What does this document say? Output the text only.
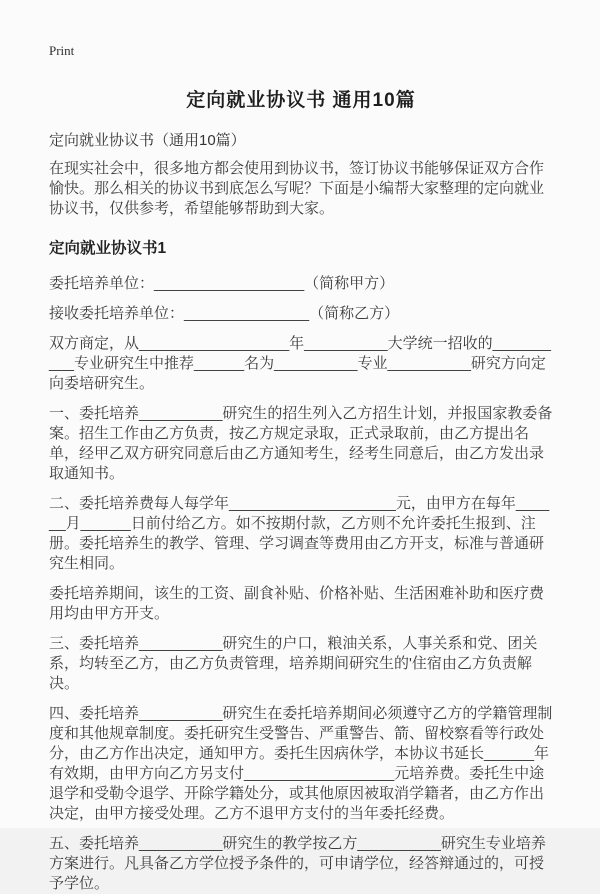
Print
定向就业协议书 通用10篇
定向就业协议书（通用10篇）

在现实社会中，很多地方都会使用到协议书，签订协议书能够保证双方合作愉快。那么相关的协议书到底怎么写呢？下面是小编帮大家整理的定向就业协议书，仅供参考，希望能够帮助到大家。

定向就业协议书1

委托培养单位：__________________（简称甲方）

接收委托培养单位：_______________（简称乙方）

双方商定，从__________________年__________大学统一招收的__________专业研究生中推荐______名为__________专业__________研究方向定向委培研究生。

一、委托培养__________研究生的招生列入乙方招生计划，并报国家教委备案。招生工作由乙方负责，按乙方规定录取，正式录取前，由乙方提出名单，经甲乙双方研究同意后由乙方通知考生，经考生同意后，由乙方发出录取通知书。

二、委托培养费每人每学年____________________元，由甲方在每年______月______日前付给乙方。如不按期付款，乙方则不允许委托生报到、注册。委托培养生的教学、管理、学习调查等费用由乙方开支，标准与普通研究生相同。

委托培养期间，该生的工资、副食补贴、价格补贴、生活困难补助和医疗费用均由甲方开支。

三、委托培养__________研究生的户口，粮油关系，人事关系和党、团关系，均转至乙方，由乙方负责管理，培养期间研究生的'住宿由乙方负责解决。

四、委托培养__________研究生在委托培养期间必须遵守乙方的学籍管理制度和其他规章制度。委托研究生受警告、严重警告、箭、留校察看等行政处分，由乙方作出决定，通知甲方。委托生因病休学，本协议书延长______年有效期，由甲方向乙方另支付__________________元培养费。委托生中途退学和受勒令退学、开除学籍处分，或其他原因被取消学籍者，由乙方作出决定，由甲方接受处理。乙方不退甲方支付的当年委托经费。

五、委托培养__________研究生的教学按乙方__________研究生专业培养方案进行。凡具备乙方学位授予条件的，可申请学位，经答辩通过的，可授予学位。
